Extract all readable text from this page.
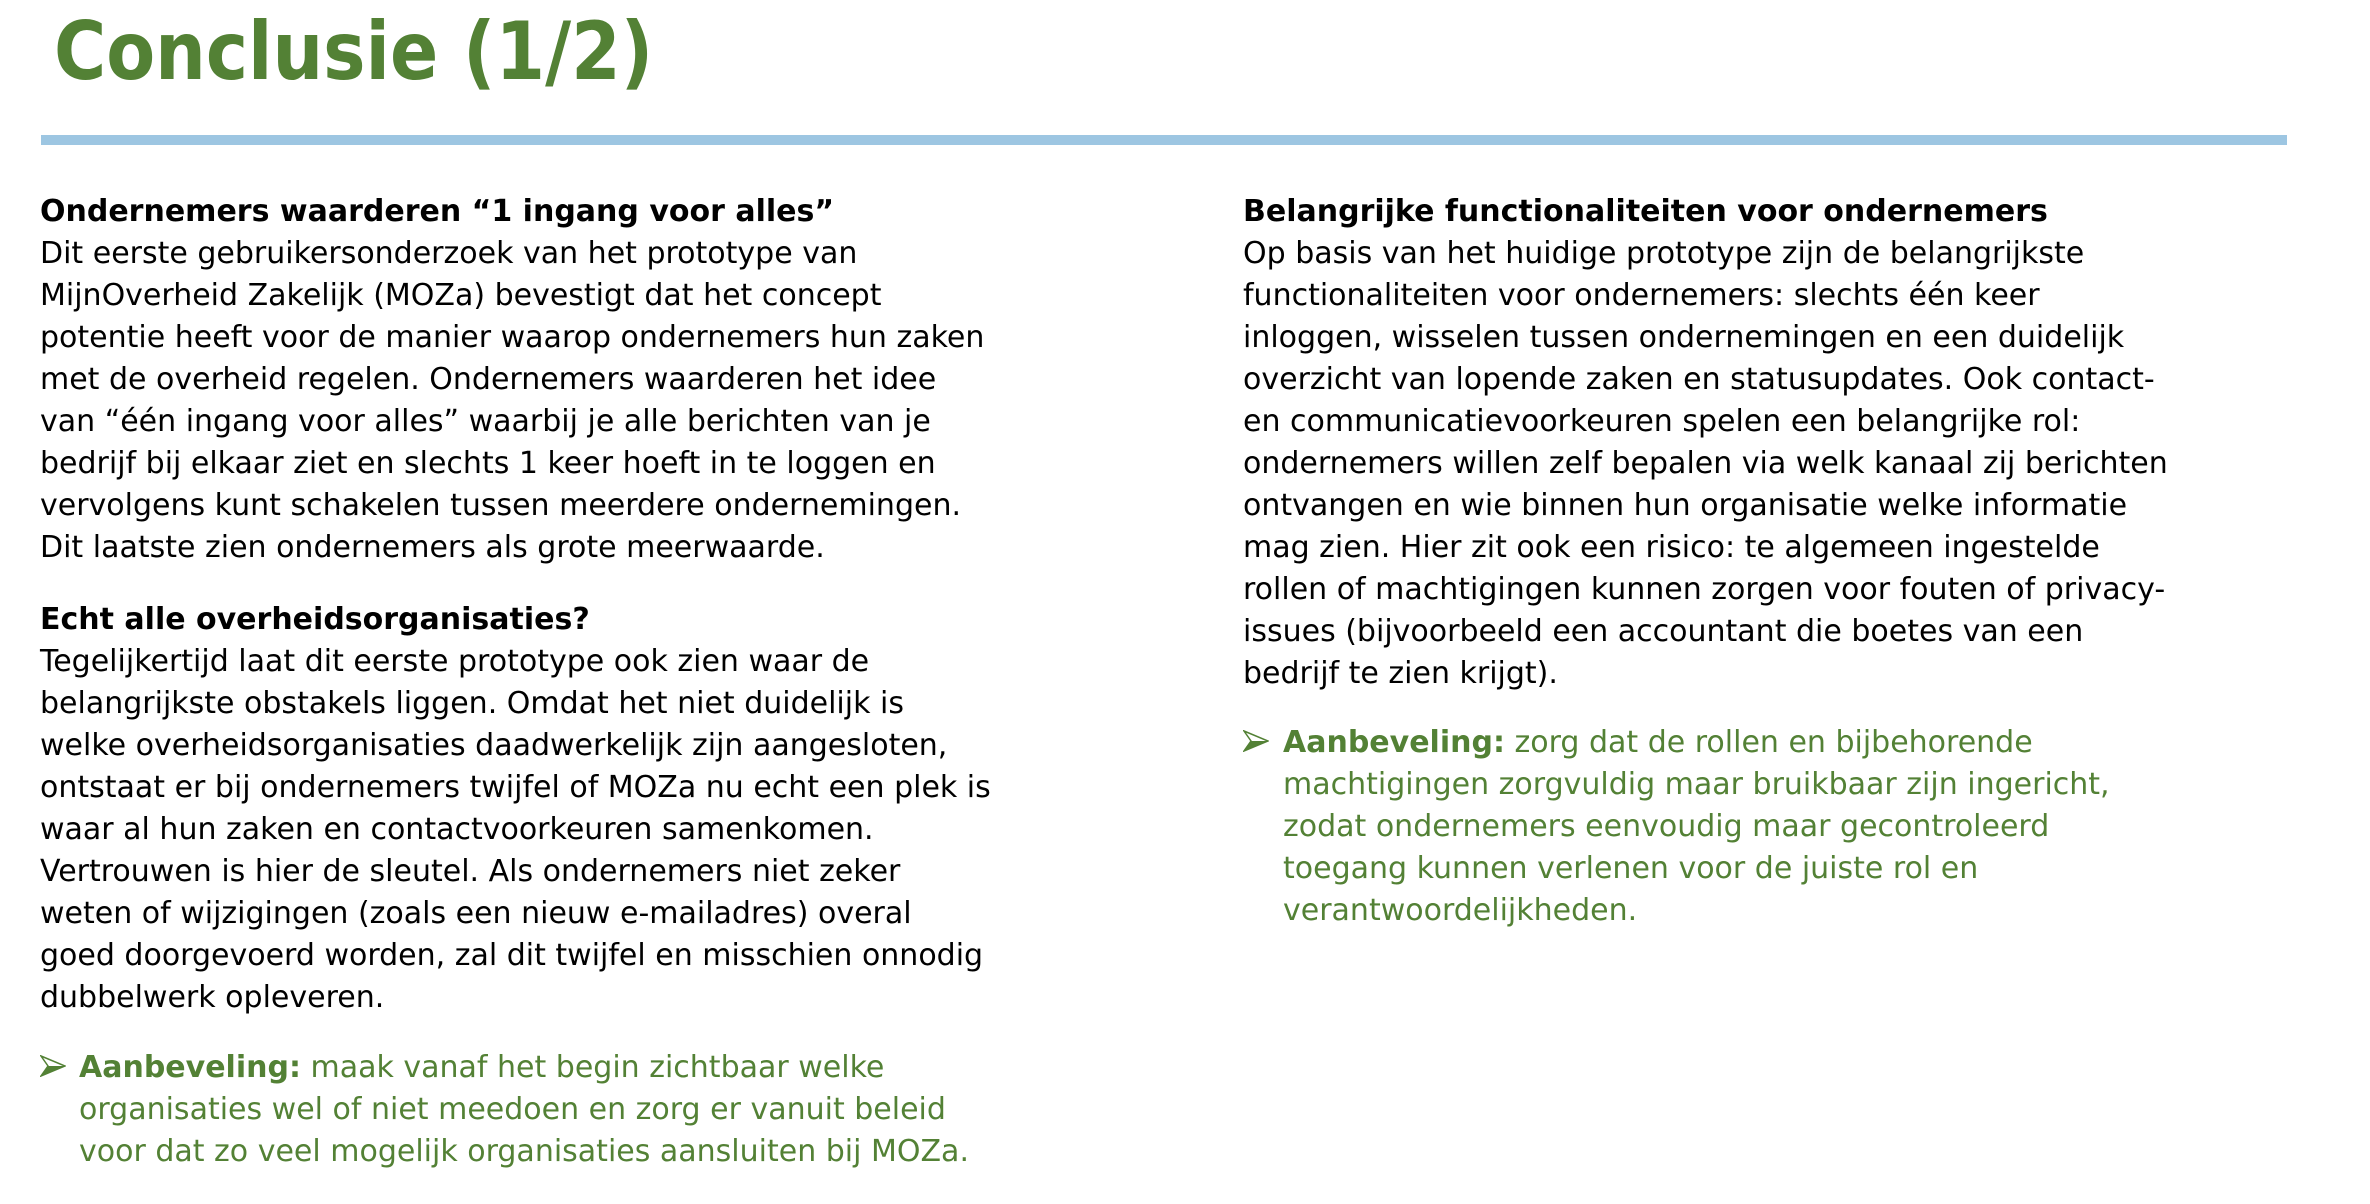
Conclusie (1/2)
Ondernemers waarderen “1 ingang voor alles”
Dit eerste gebruikersonderzoek van het prototype van
MijnOverheid Zakelijk (MOZa) bevestigt dat het concept
potentie heeft voor de manier waarop ondernemers hun zaken
met de overheid regelen. Ondernemers waarderen het idee
van “één ingang voor alles” waarbij je alle berichten van je
bedrijf bij elkaar ziet en slechts 1 keer hoeft in te loggen en
vervolgens kunt schakelen tussen meerdere ondernemingen.
Dit laatste zien ondernemers als grote meerwaarde.
Echt alle overheidsorganisaties?
Tegelijkertijd laat dit eerste prototype ook zien waar de
belangrijkste obstakels liggen. Omdat het niet duidelijk is
welke overheidsorganisaties daadwerkelijk zijn aangesloten,
ontstaat er bij ondernemers twijfel of MOZa nu echt een plek is
waar al hun zaken en contactvoorkeuren samenkomen.
Vertrouwen is hier de sleutel. Als ondernemers niet zeker
weten of wijzigingen (zoals een nieuw e-mailadres) overal
goed doorgevoerd worden, zal dit twijfel en misschien onnodig
dubbelwerk opleveren.
Aanbeveling: maak vanaf het begin zichtbaar welke
organisaties wel of niet meedoen en zorg er vanuit beleid
voor dat zo veel mogelijk organisaties aansluiten bij MOZa.
Belangrijke functionaliteiten voor ondernemers
Op basis van het huidige prototype zijn de belangrijkste
functionaliteiten voor ondernemers: slechts één keer
inloggen, wisselen tussen ondernemingen en een duidelijk
overzicht van lopende zaken en statusupdates. Ook contact-
en communicatievoorkeuren spelen een belangrijke rol:
ondernemers willen zelf bepalen via welk kanaal zij berichten
ontvangen en wie binnen hun organisatie welke informatie
mag zien. Hier zit ook een risico: te algemeen ingestelde
rollen of machtigingen kunnen zorgen voor fouten of privacy-
issues (bijvoorbeeld een accountant die boetes van een
bedrijf te zien krijgt).
Aanbeveling: zorg dat de rollen en bijbehorende
machtigingen zorgvuldig maar bruikbaar zijn ingericht,
zodat ondernemers eenvoudig maar gecontroleerd
toegang kunnen verlenen voor de juiste rol en
verantwoordelijkheden.
